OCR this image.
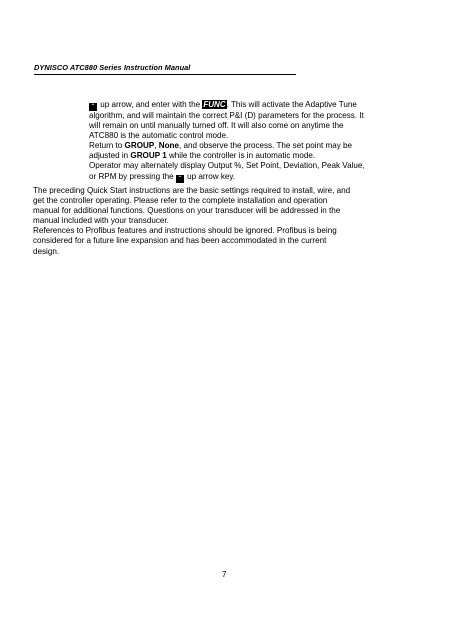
DYNISCO ATC880 Series Instruction Manual
⌃ up arrow, and enter with the FUNC. This will activate the Adaptive Tune
algorithm, and will maintain the correct P&I (D) parameters for the process. It
will remain on until manually turned off. It will also come on anytime the
ATC880 is the automatic control mode.
Return to GROUP, None, and observe the process. The set point may be
adjusted in GROUP 1 while the controller is in automatic mode.
Operator may alternately display Output %, Set Point, Deviation, Peak Value,
or RPM by pressing the ⌃ up arrow key.
The preceding Quick Start instructions are the basic settings required to install, wire, and
get the controller operating. Please refer to the complete installation and operation
manual for additional functions. Questions on your transducer will be addressed in the
manual included with your transducer.
References to Profibus features and instructions should be ignored. Profibus is being
considered for a future line expansion and has been accommodated in the current
design.
7
